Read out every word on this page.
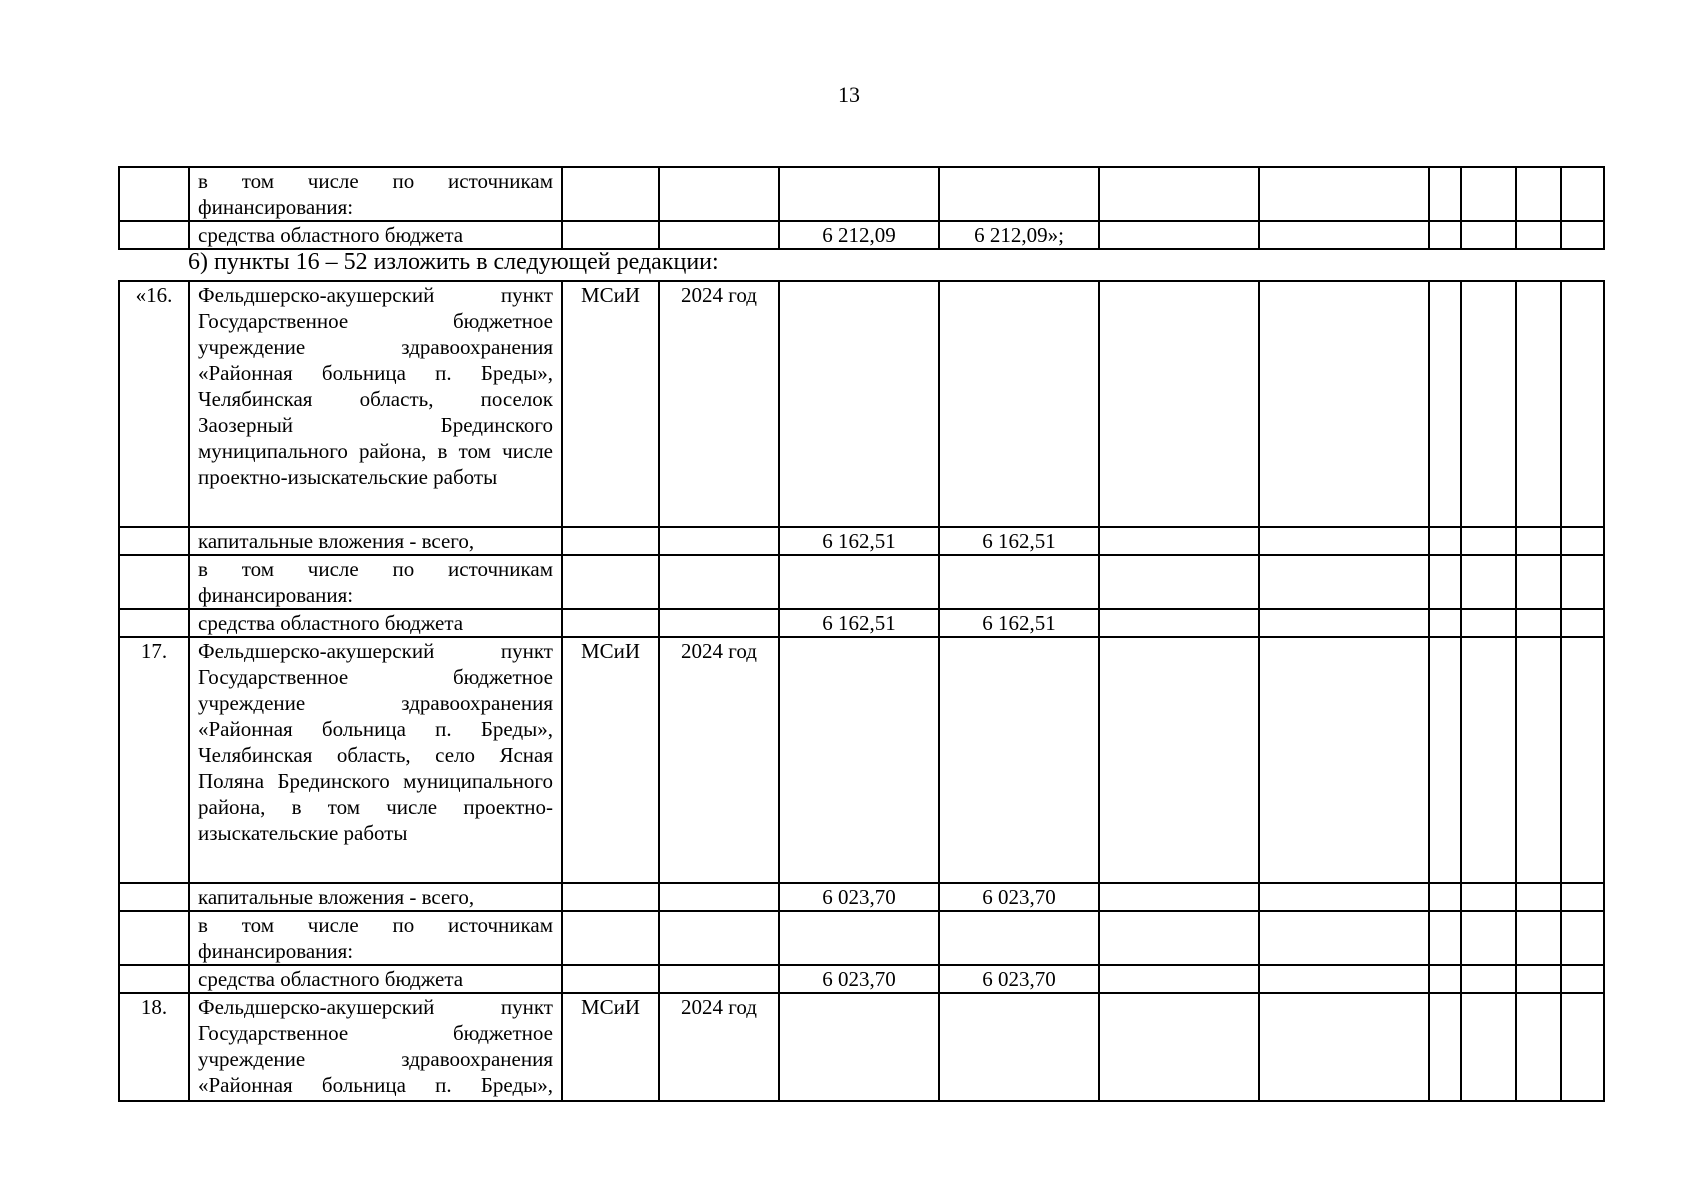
13
	в том числе по источникам финансирования:										
	средства областного бюджета			6 212,09	6 212,09»;						
6) пункты 16 – 52 изложить в следующей редакции:
«16.	Фельдшерско-акушерский пункт Государственное бюджетное учреждение здравоохранения «Районная больница п. Бреды», Челябинская область, поселок Заозерный Брединского муниципального района, в том числе проектно-изыскательские работы	МСиИ	2024 год								
	капитальные вложения - всего,			6 162,51	6 162,51						
	в том числе по источникам финансирования:										
	средства областного бюджета			6 162,51	6 162,51						
17.	Фельдшерско-акушерский пункт Государственное бюджетное учреждение здравоохранения «Районная больница п. Бреды», Челябинская область, село Ясная Поляна Брединского муниципального района, в том числе проектно-изыскательские работы	МСиИ	2024 год								
	капитальные вложения - всего,			6 023,70	6 023,70						
	в том числе по источникам финансирования:										
	средства областного бюджета			6 023,70	6 023,70						
18.	Фельдшерско-акушерский пункт Государственное бюджетное учреждение здравоохранения «Районная больница п. Бреды»,	МСиИ	2024 год								
